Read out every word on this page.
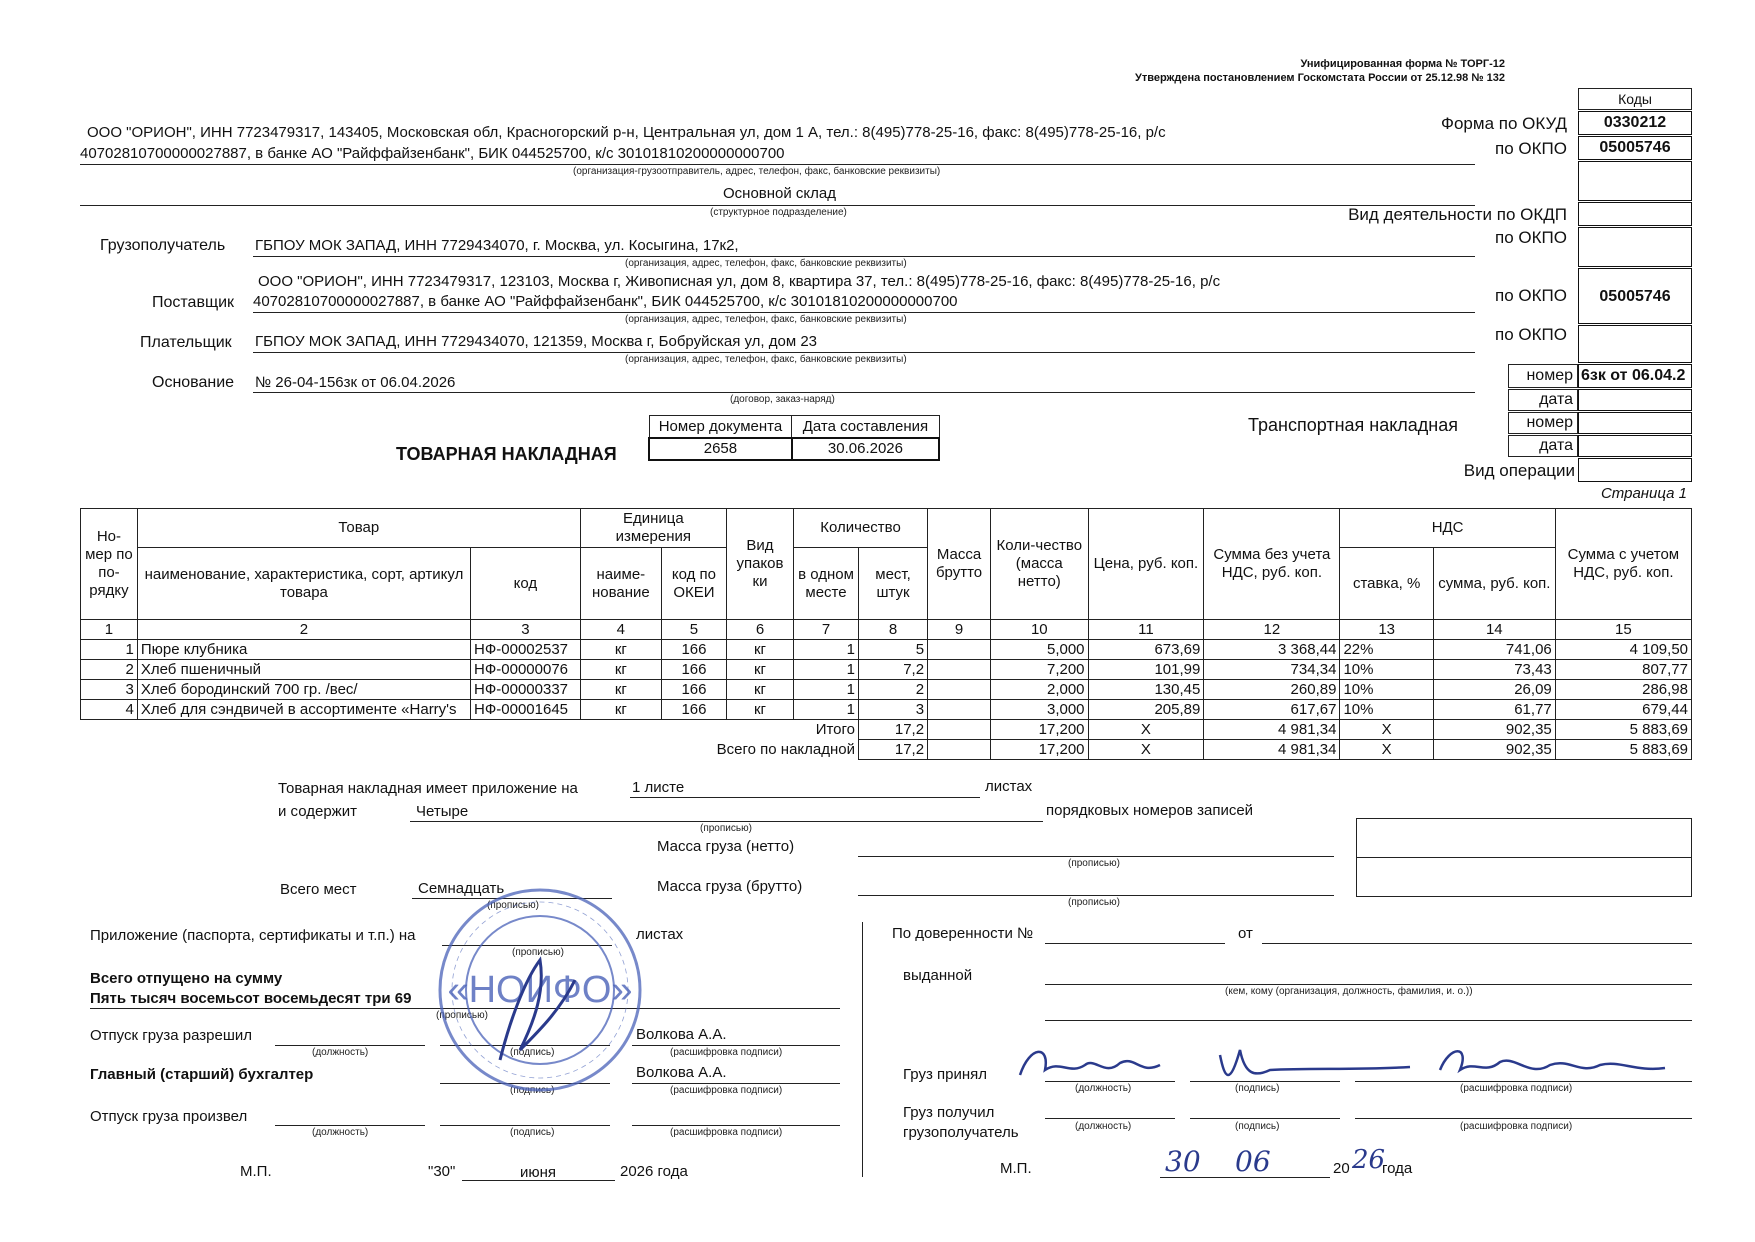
Унифицированная форма № ТОРГ-12
Утверждена постановлением Госкомстата России от 25.12.98 № 132
Коды
0330212
05005746
05005746
6зк от 06.04.2
Форма по ОКУД
по ОКПО
Вид деятельности по ОКДП
по ОКПО
по ОКПО
по ОКПО
номер
дата
номер
дата
Вид операции
ООО "ОРИОН", ИНН 7723479317, 143405, Московская обл, Красногорский р-н, Центральная ул, дом 1 А, тел.: 8(495)778-25-16, факс: 8(495)778-25-16, р/с
40702810700000027887, в банке АО "Райффайзенбанк", БИК 044525700, к/с 30101810200000000700
(организация-грузоотправитель, адрес, телефон, факс, банковские реквизиты)
Основной склад
(структурное подразделение)
Грузополучатель ГБПОУ МОК ЗАПАД, ИНН 7729434070, г. Москва, ул. Косыгина, 17к2,
(организация, адрес, телефон, факс, банковские реквизиты)
ООО "ОРИОН", ИНН 7723479317, 123103, Москва г, Живописная ул, дом 8, квартира 37, тел.: 8(495)778-25-16, факс: 8(495)778-25-16, р/с
Поставщик 40702810700000027887, в банке АО "Райффайзенбанк", БИК 044525700, к/с 30101810200000000700
(организация, адрес, телефон, факс, банковские реквизиты)
Плательщик ГБПОУ МОК ЗАПАД, ИНН 7729434070, 121359, Москва г, Бобруйская ул, дом 23
(организация, адрес, телефон, факс, банковские реквизиты)
Основание № 26-04-156зк от 06.04.2026
(договор, заказ-наряд)
Транспортная накладная
ТОВАРНАЯ НАКЛАДНАЯ
Номер документа	Дата составления
2658	30.06.2026
Страница 1
Но-мер по по-рядку	Товар		Единица измерения		Вид упаков ки	Количество		Масса брутто	Коли-чество (масса нетто)	Цена, руб. коп.	Сумма без учета НДС, руб. коп.	НДС		Сумма с учетом НДС, руб. коп.
	наименование, характеристика, сорт, артикул товара	код	наиме-нование	код по ОКЕИ		в одном месте	мест, штук					ставка, %	сумма, руб. коп.	
1	2	3	4	5	6	7	8	9	10	11	12	13	14	15
1	Пюре клубника	НФ-00002537	кг	166	кг	1	5		5,000	673,69	3 368,44	22%	741,06	4 109,50
2	Хлеб пшеничный	НФ-00000076	кг	166	кг	1	7,2		7,200	101,99	734,34	10%	73,43	807,77
3	Хлеб бородинский 700 гр. /вес/	НФ-00000337	кг	166	кг	1	2		2,000	130,45	260,89	10%	26,09	286,98
4	Хлеб для сэндвичей в ассортименте «Harry's	НФ-00001645	кг	166	кг	1	3		3,000	205,89	617,67	10%	61,77	679,44
Итого							17,2		17,200	X	4 981,34	X	902,35	5 883,69
Всего по накладной							17,2		17,200	X	4 981,34	X	902,35	5 883,69
Товарная накладная имеет приложение на	1 листе	листах
и содержит	Четыре	порядковых номеров записей
(прописью)
Масса груза (нетто)
(прописью)
Всего мест	Семнадцать
(прописью)
Масса груза (брутто)
(прописью)
Приложение (паспорта, сертификаты и т.п.) на	листах
(прописью)
По доверенности №	от
выданной
(кем, кому (организация, должность, фамилия, и. о.))
Всего отпущено на сумму
Пять тысяч восемьсот восемьдесят три 69
(прописью)
Отпуск груза разрешил	Волкова А.А.
(должность)	(подпись)	(расшифровка подписи)
Главный (старший) бухгалтер	Волкова А.А.
(подпись)	(расшифровка подписи)
Отпуск груза произвел
(должность)	(подпись)	(расшифровка подписи)
М.П.	"30"	июня	2026 года
Груз принял
(должность)	(подпись)	(расшифровка подписи)
Груз получил
грузополучатель	(должность)	(подпись)	(расшифровка подписи)
М.П.	30 06	20 26
года
«НОИФО»
